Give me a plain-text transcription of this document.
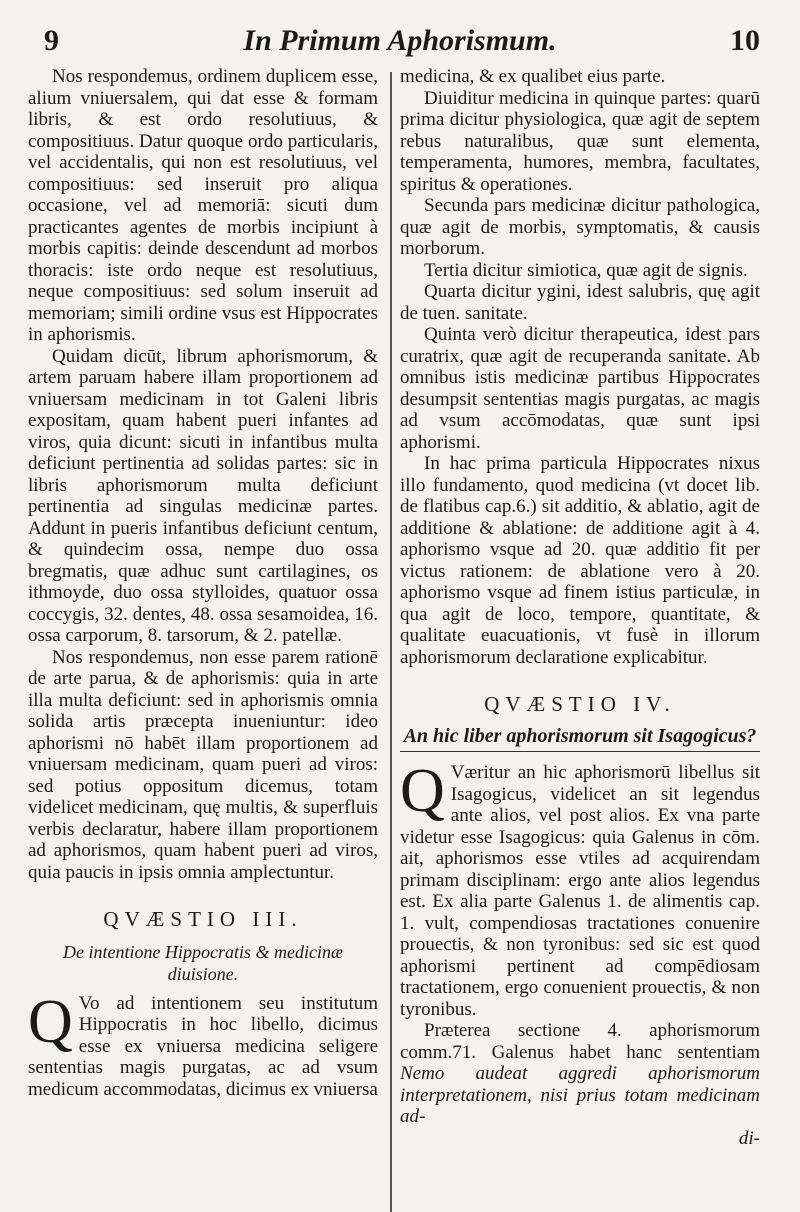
9	In Primum Aphorismum.	10

Nos respondemus, ordinem duplicem esse, alium vniuersalem, qui dat esse & formam libris, & est ordo resolutiuus, & compositiuus. Datur quoque ordo particularis, vel accidentalis, qui non est resolutiuus, vel compositiuus: sed inseruit pro aliqua occasione, vel ad memoriā: sicuti dum practicantes agentes de morbis incipiunt à morbis capitis: deinde descendunt ad morbos thoracis: iste ordo neque est resolutiuus, neque compositiuus: sed solum inseruit ad memoriam; simili ordine vsus est Hippocrates in aphorismis.

Quidam dicūt, librum aphorismorum, & artem paruam habere illam proportionem ad vniuersam medicinam in tot Galeni libris expositam, quam habent pueri infantes ad viros, quia dicunt: sicuti in infantibus multa deficiunt pertinentia ad solidas partes: sic in libris aphorismorum multa deficiunt pertinentia ad singulas medicinæ partes. Addunt in pueris infantibus deficiunt centum, & quindecim ossa, nempe duo ossa bregmatis, quæ adhuc sunt cartilagines, os ithmoyde, duo ossa stylloides, quatuor ossa coccygis, 32. dentes, 48. ossa sesamoidea, 16. ossa carporum, 8. tarsorum, & 2. patellæ.

Nos respondemus, non esse parem rationē de arte parua, & de aphorismis: quia in arte illa multa deficiunt: sed in aphorismis omnia solida artis præcepta inueniuntur: ideo aphorismi nō habēt illam proportionem ad vniuersam medicinam, quam pueri ad viros: sed potius oppositum dicemus, totam videlicet medicinam, quę multis, & superfluis verbis declaratur, habere illam proportionem ad aphorismos, quam habent pueri ad viros, quia paucis in ipsis omnia amplectuntur.

QVÆSTIO III.
De intentione Hippocratis & medicinæ diuisione.

Q Vo ad intentionem seu institutum Hippocratis in hoc libello, dicimus esse ex vniuersa medicina seligere sententias magis purgatas, ac ad vsum medicum accommodatas, dicimus ex vniuersa

medicina, & ex qualibet eius parte.

Diuiditur medicina in quinque partes: quarū prima dicitur physiologica, quæ agit de septem rebus naturalibus, quæ sunt elementa, temperamenta, humores, membra, facultates, spiritus & operationes.

Secunda pars medicinæ dicitur pathologica, quæ agit de morbis, symptomatis, & causis morborum.

Tertia dicitur simiotica, quæ agit de signis.

Quarta dicitur ygini, idest salubris, quę agit de tuen. sanitate.

Quinta verò dicitur therapeutica, idest pars curatrix, quæ agit de recuperanda sanitate. Ab omnibus istis medicinæ partibus Hippocrates desumpsit sententias magis purgatas, ac magis ad vsum accōmodatas, quæ sunt ipsi aphorismi.

In hac prima particula Hippocrates nixus illo fundamento, quod medicina (vt docet lib. de flatibus cap.6.) sit additio, & ablatio, agit de additione & ablatione: de additione agit à 4. aphorismo vsque ad 20. quæ additio fit per victus rationem: de ablatione vero à 20. aphorismo vsque ad finem istius particulæ, in qua agit de loco, tempore, quantitate, & qualitate euacuationis, vt fusè in illorum aphorismorum declaratione explicabitur.

QVÆSTIO IV.
An hic liber aphorismorum sit Isagogicus?

Q Væritur an hic aphorismorū libellus sit Isagogicus, videlicet an sit legendus ante alios, vel post alios. Ex vna parte videtur esse Isagogicus: quia Galenus in cōm. ait, aphorismos esse vtiles ad acquirendam primam disciplinam: ergo ante alios legendus est. Ex alia parte Galenus 1. de alimentis cap. 1. vult, compendiosas tractationes conuenire prouectis, & non tyronibus: sed sic est quod aphorismi pertinent ad compēdiosam tractationem, ergo conuenient prouectis, & non tyronibus.

Præterea sectione 4. aphorismorum comm.71. Galenus habet hanc sententiam Nemo audeat aggredi aphorismorum interpretationem, nisi prius totam medicinam ad-

di-
